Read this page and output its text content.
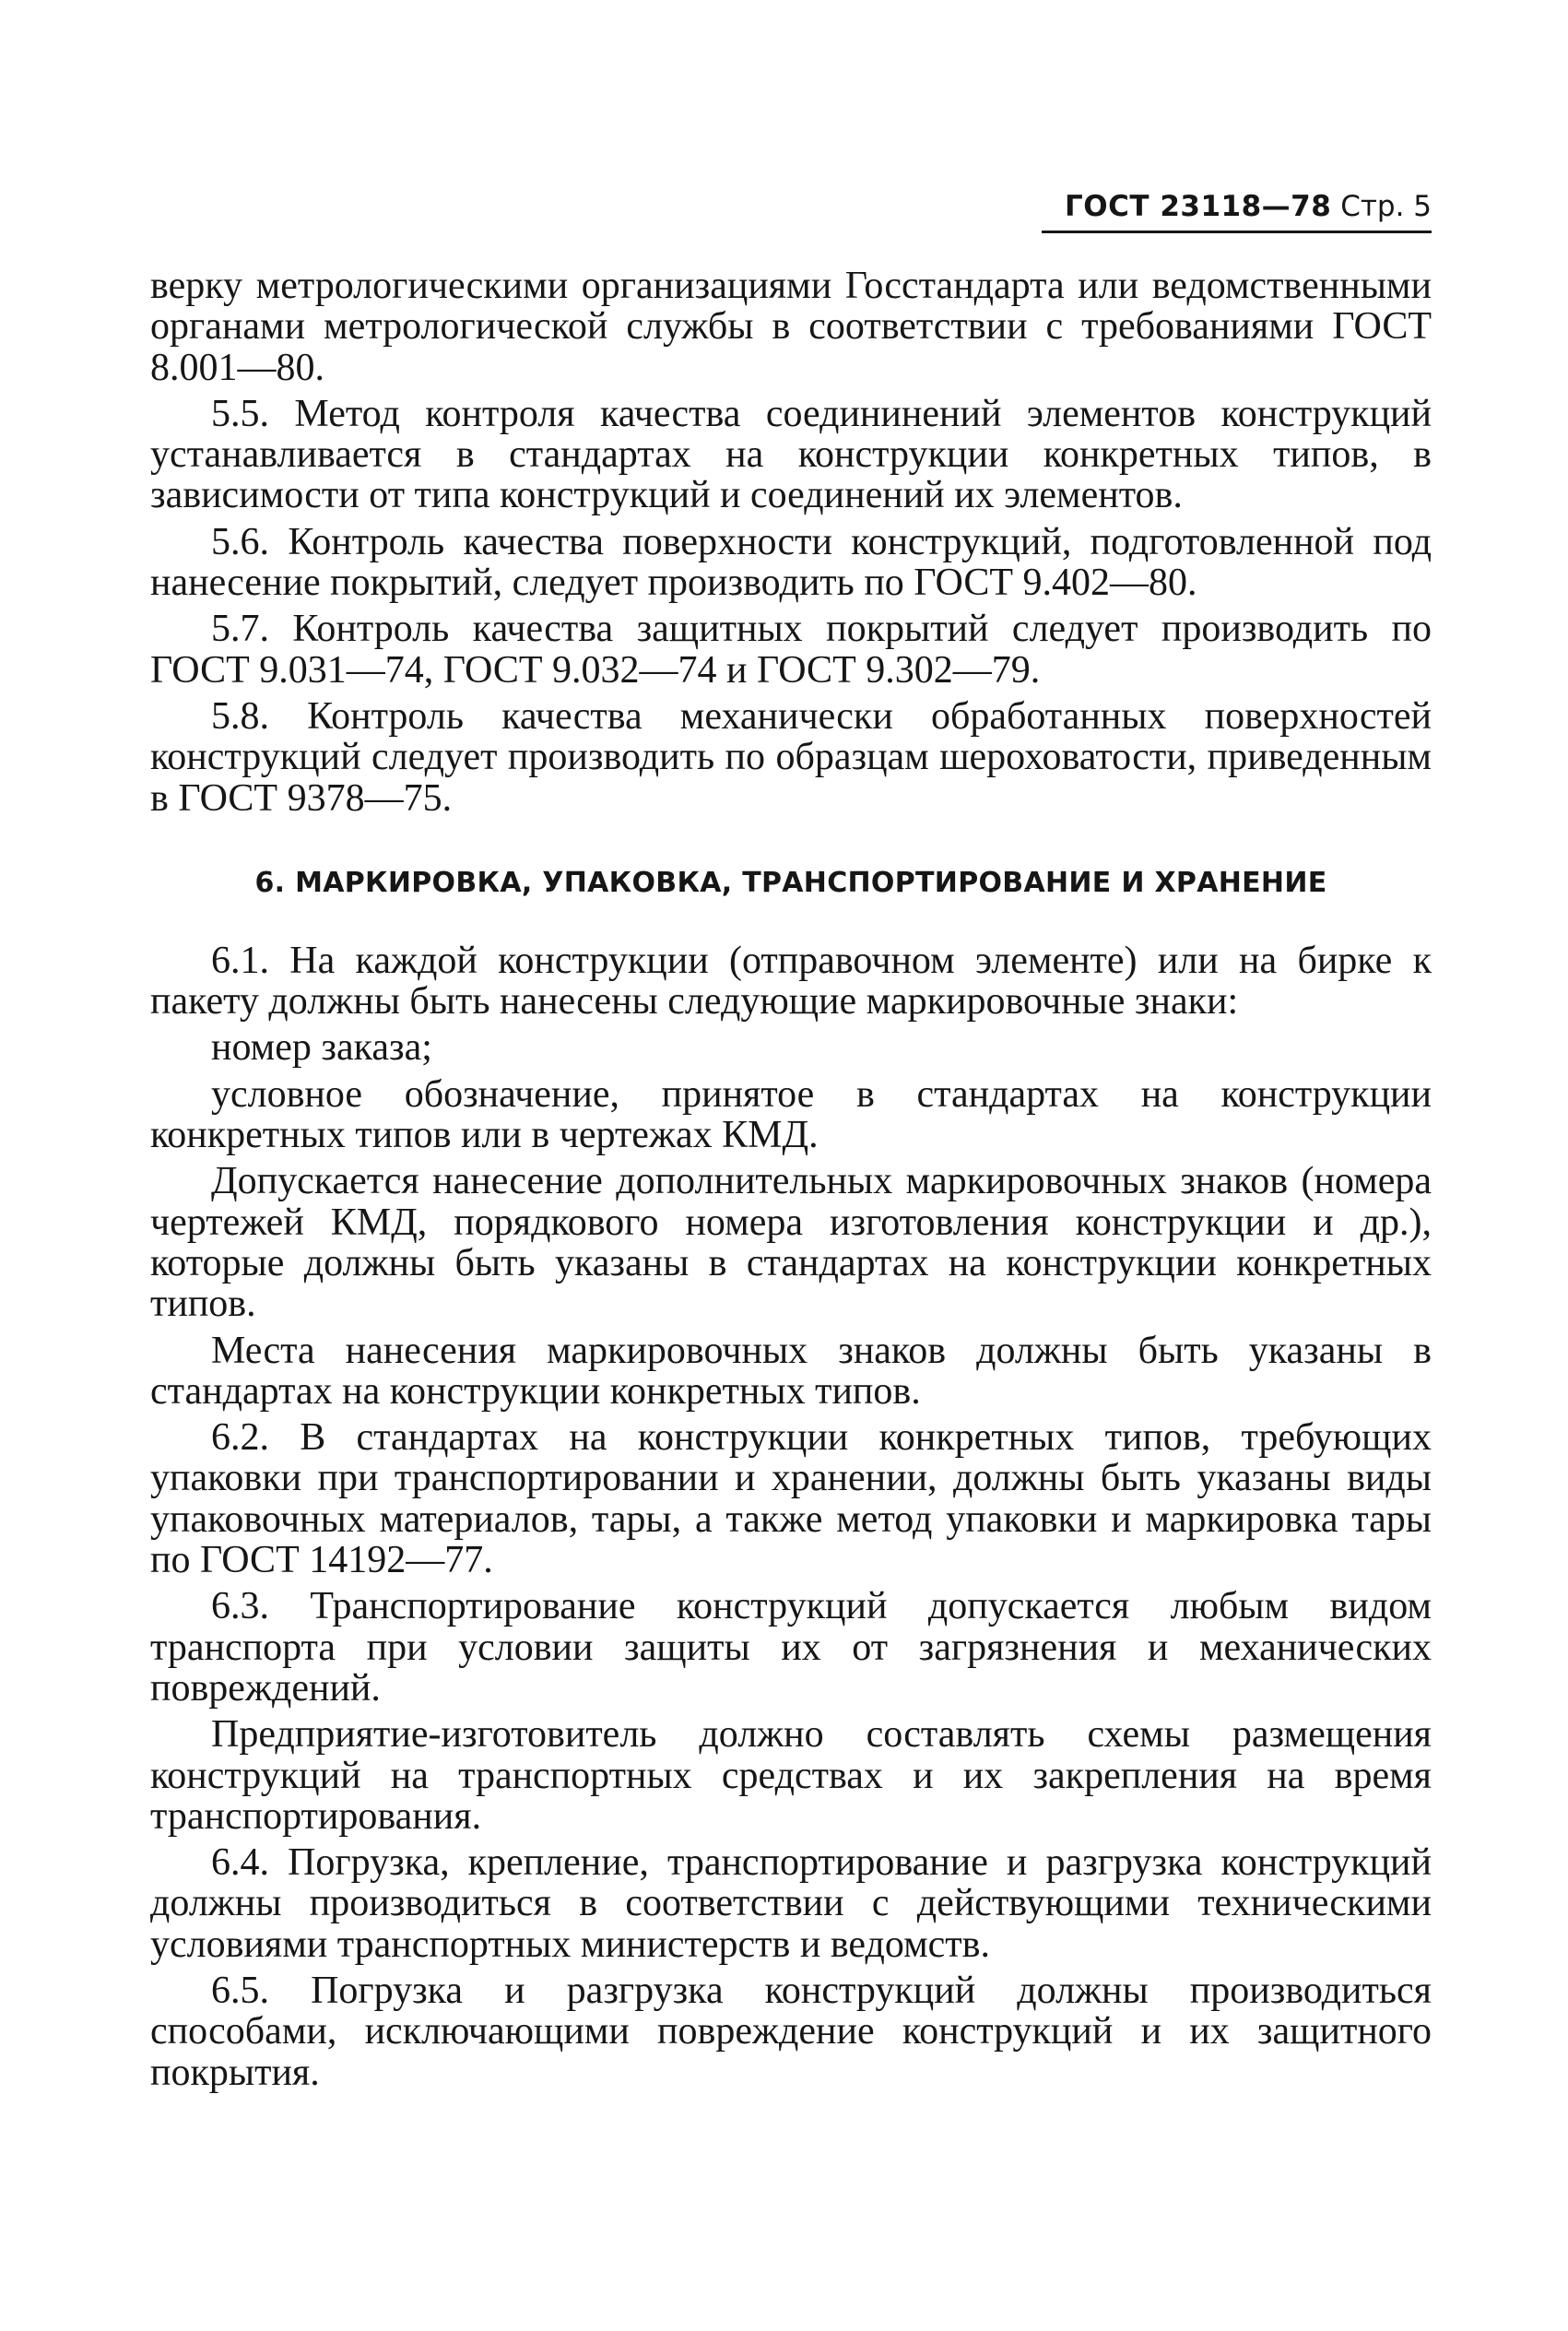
ГОСТ 23118—78 Стр. 5

верку метрологическими организациями Госстандарта или ведомственными органами метрологической службы в соответствии с требованиями ГОСТ 8.001—80.

5.5. Метод контроля качества соедининений элементов конструкций устанавливается в стандартах на конструкции конкретных типов, в зависимости от типа конструкций и соединений их элементов.

5.6. Контроль качества поверхности конструкций, подготовленной под нанесение покрытий, следует производить по ГОСТ 9.402—80.

5.7. Контроль качества защитных покрытий следует производить по ГОСТ 9.031—74, ГОСТ 9.032—74 и ГОСТ 9.302—79.

5.8. Контроль качества механически обработанных поверхностей конструкций следует производить по образцам шероховатости, приведенным в ГОСТ 9378—75.

6. МАРКИРОВКА, УПАКОВКА, ТРАНСПОРТИРОВАНИЕ И ХРАНЕНИЕ

6.1. На каждой конструкции (отправочном элементе) или на бирке к пакету должны быть нанесены следующие маркировочные знаки:

номер заказа;

условное обозначение, принятое в стандартах на конструкции конкретных типов или в чертежах КМД.

Допускается нанесение дополнительных маркировочных знаков (номера чертежей КМД, порядкового номера изготовления конструкции и др.), которые должны быть указаны в стандартах на конструкции конкретных типов.

Места нанесения маркировочных знаков должны быть указаны в стандартах на конструкции конкретных типов.

6.2. В стандартах на конструкции конкретных типов, требующих упаковки при транспортировании и хранении, должны быть указаны виды упаковочных материалов, тары, а также метод упаковки и маркировка тары по ГОСТ 14192—77.

6.3. Транспортирование конструкций допускается любым видом транспорта при условии защиты их от загрязнения и механических повреждений.

Предприятие-изготовитель должно составлять схемы размещения конструкций на транспортных средствах и их закрепления на время транспортирования.

6.4. Погрузка, крепление, транспортирование и разгрузка конструкций должны производиться в соответствии с действующими техническими условиями транспортных министерств и ведомств.

6.5. Погрузка и разгрузка конструкций должны производиться способами, исключающими повреждение конструкций и их защитного покрытия.
